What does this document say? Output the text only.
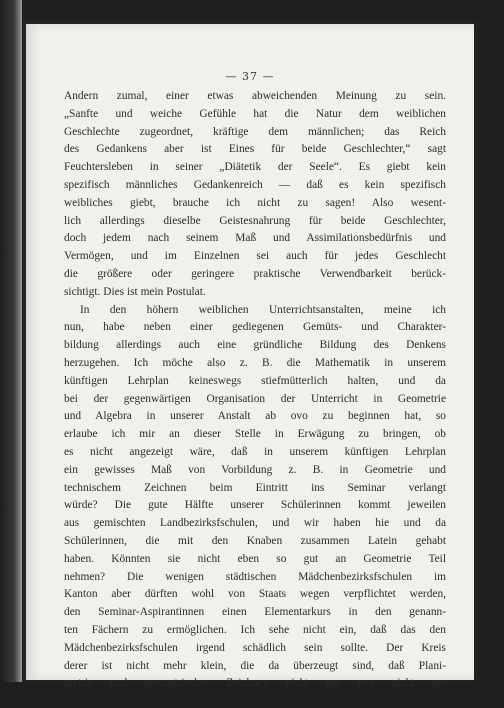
— 37 —
Andern zumal, einer etwas abweichenden Meinung zu sein.
„Sanfte und weiche Gefühle hat die Natur dem weiblichen
Geschlechte zugeordnet, kräftige dem männlichen; das Reich
des Gedankens aber ist Eines für beide Geschlechter,“ sagt
Feuchtersleben in seiner „Diätetik der Seele“. Es giebt kein
spezifisch männliches Gedankenreich — daß es kein spezifisch
weibliches giebt, brauche ich nicht zu sagen! Also wesent-
lich allerdings dieselbe Geistesnahrung für beide Geschlechter,
doch jedem nach seinem Maß und Assimilationsbedürfnis und
Vermögen, und im Einzelnen sei auch für jedes Geschlecht
die größere oder geringere praktische Verwendbarkeit berück-
sichtigt. Dies ist mein Postulat.
In den höhern weiblichen Unterrichtsanstalten, meine ich
nun, habe neben einer gediegenen Gemüts- und Charakter-
bildung allerdings auch eine gründliche Bildung des Denkens
herzugehen. Ich möche also z. B. die Mathematik in unserem
künftigen Lehrplan keineswegs stiefmütterlich halten, und da
bei der gegenwärtigen Organisation der Unterricht in Geometrie
und Algebra in unserer Anstalt ab ovo zu beginnen hat, so
erlaube ich mir an dieser Stelle in Erwägung zu bringen, ob
es nicht angezeigt wäre, daß in unserem künftigen Lehrplan
ein gewisses Maß von Vorbildung z. B. in Geometrie und
technischem Zeichnen beim Eintritt ins Seminar verlangt
würde? Die gute Hälfte unserer Schülerinnen kommt jeweilen
aus gemischten Landbezirksfschulen, und wir haben hie und da
Schülerinnen, die mit den Knaben zusammen Latein gehabt
haben. Könnten sie nicht eben so gut an Geometrie Teil
nehmen? Die wenigen städtischen Mädchenbezirksfschulen im
Kanton aber dürften wohl von Staats wegen verpflichtet werden,
den Seminar-Aspirantinnen einen Elementarkurs in den genann-
ten Fächern zu ermöglichen. Ich sehe nicht ein, daß das den
Mädchenbezirksfschulen irgend schädlich sein sollte. Der Kreis
derer ist nicht mehr klein, die da überzeugt sind, daß Plani-
metrie und geometrisches Zeichnen nicht nur von nicht ge-
